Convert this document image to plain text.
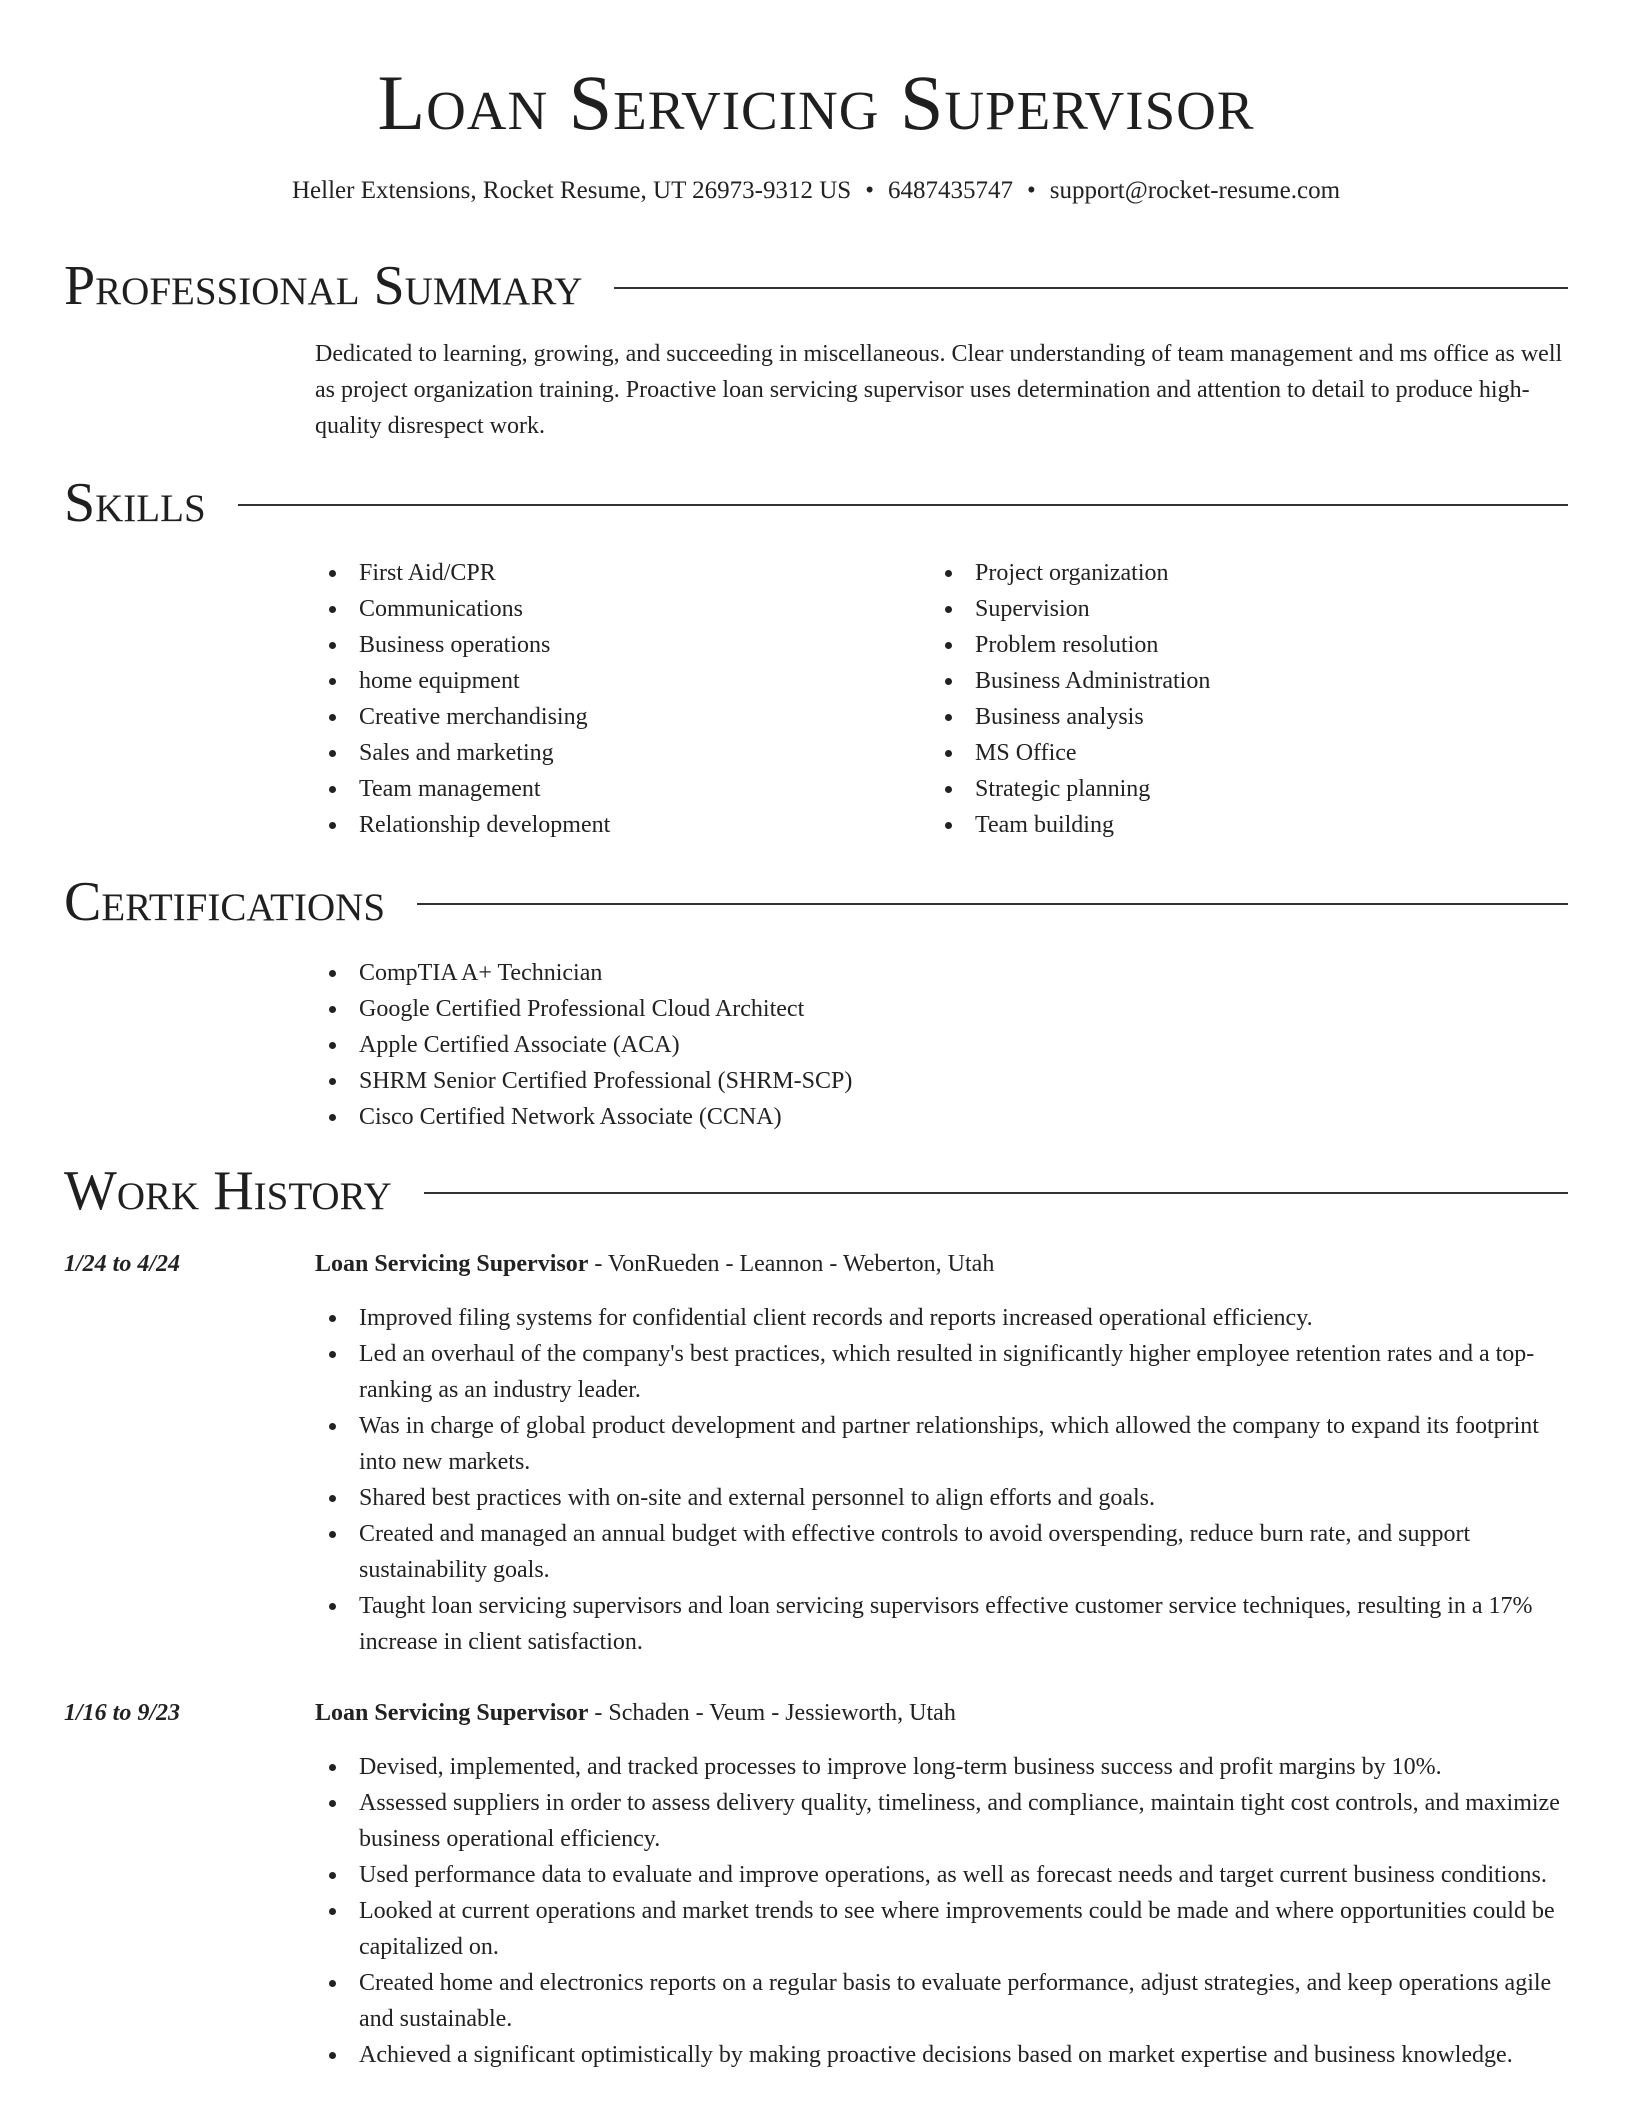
Loan Servicing Supervisor
Heller Extensions, Rocket Resume, UT 26973-9312 US • 6487435747 • support@rocket-resume.com
Professional Summary

Dedicated to learning, growing, and succeeding in miscellaneous. Clear understanding of team management and ms office as well as project organization training. Proactive loan servicing supervisor uses determination and attention to detail to produce high-quality disrespect work.

Skills
First Aid/CPR
Communications
Business operations
home equipment
Creative merchandising
Sales and marketing
Team management
Relationship development
Project organization
Supervision
Problem resolution
Business Administration
Business analysis
MS Office
Strategic planning
Team building
Certifications
CompTIA A+ Technician
Google Certified Professional Cloud Architect
Apple Certified Associate (ACA)
SHRM Senior Certified Professional (SHRM-SCP)
Cisco Certified Network Associate (CCNA)
Work History
1/24 to 4/24	Loan Servicing Supervisor - VonRueden - Leannon - Weberton, Utah
Improved filing systems for confidential client records and reports increased operational efficiency.
Led an overhaul of the company's best practices, which resulted in significantly higher employee retention rates and a top-ranking as an industry leader.
Was in charge of global product development and partner relationships, which allowed the company to expand its footprint into new markets.
Shared best practices with on-site and external personnel to align efforts and goals.
Created and managed an annual budget with effective controls to avoid overspending, reduce burn rate, and support sustainability goals.
Taught loan servicing supervisors and loan servicing supervisors effective customer service techniques, resulting in a 17% increase in client satisfaction.
1/16 to 9/23	Loan Servicing Supervisor - Schaden - Veum - Jessieworth, Utah
Devised, implemented, and tracked processes to improve long-term business success and profit margins by 10%.
Assessed suppliers in order to assess delivery quality, timeliness, and compliance, maintain tight cost controls, and maximize business operational efficiency.
Used performance data to evaluate and improve operations, as well as forecast needs and target current business conditions.
Looked at current operations and market trends to see where improvements could be made and where opportunities could be capitalized on.
Created home and electronics reports on a regular basis to evaluate performance, adjust strategies, and keep operations agile and sustainable.
Achieved a significant optimistically by making proactive decisions based on market expertise and business knowledge.
